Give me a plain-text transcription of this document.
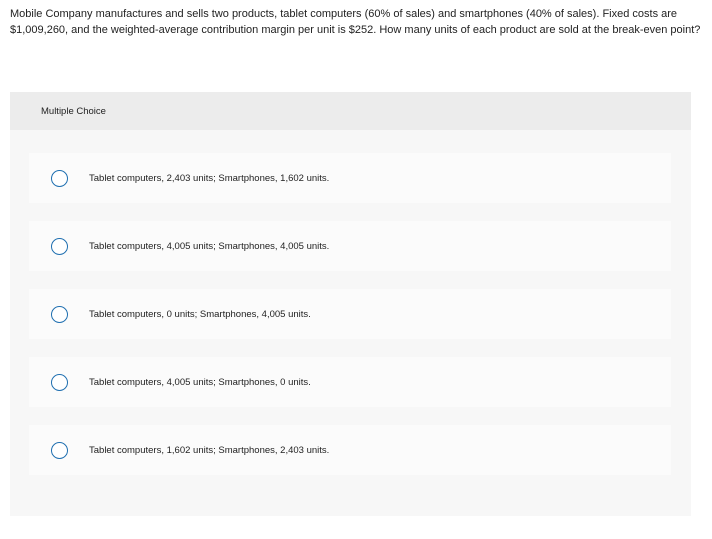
Mobile Company manufactures and sells two products, tablet computers (60% of sales) and smartphones (40% of sales). Fixed costs are $1,009,260, and the weighted-average contribution margin per unit is $252. How many units of each product are sold at the break-even point?
Multiple Choice
Tablet computers, 2,403 units; Smartphones, 1,602 units.
Tablet computers, 4,005 units; Smartphones, 4,005 units.
Tablet computers, 0 units; Smartphones, 4,005 units.
Tablet computers, 4,005 units; Smartphones, 0 units.
Tablet computers, 1,602 units; Smartphones, 2,403 units.
